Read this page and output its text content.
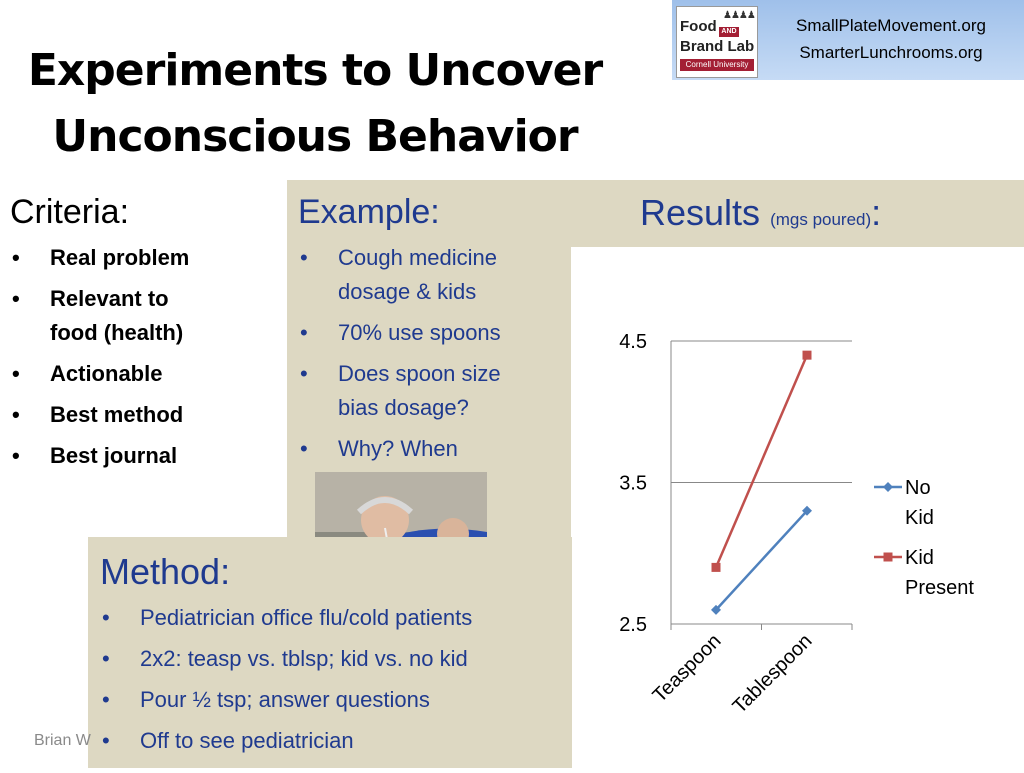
Experiments to Uncover
Unconscious Behavior
♟♟♟♟
Food
Brand Lab
AND
Cornell University
SmallPlateMovement.org
SmarterLunchrooms.org
Criteria:
• Real problem
• Relevant to food (health)
• Actionable
• Best method
• Best journal
Example:
• Cough medicine dosage & kids
• 70% use spoons
• Does spoon size bias dosage?
• Why? When
Results (mgs poured):
Method:
• Pediatrician office flu/cold patients
• 2x2: teasp vs. tblsp; kid vs. no kid
• Pour ½ tsp; answer questions
• Off to see pediatrician
Brian W
2.5
3.5
4.5
Teaspoon Tablespoon
No
Kid
Kid
Present
